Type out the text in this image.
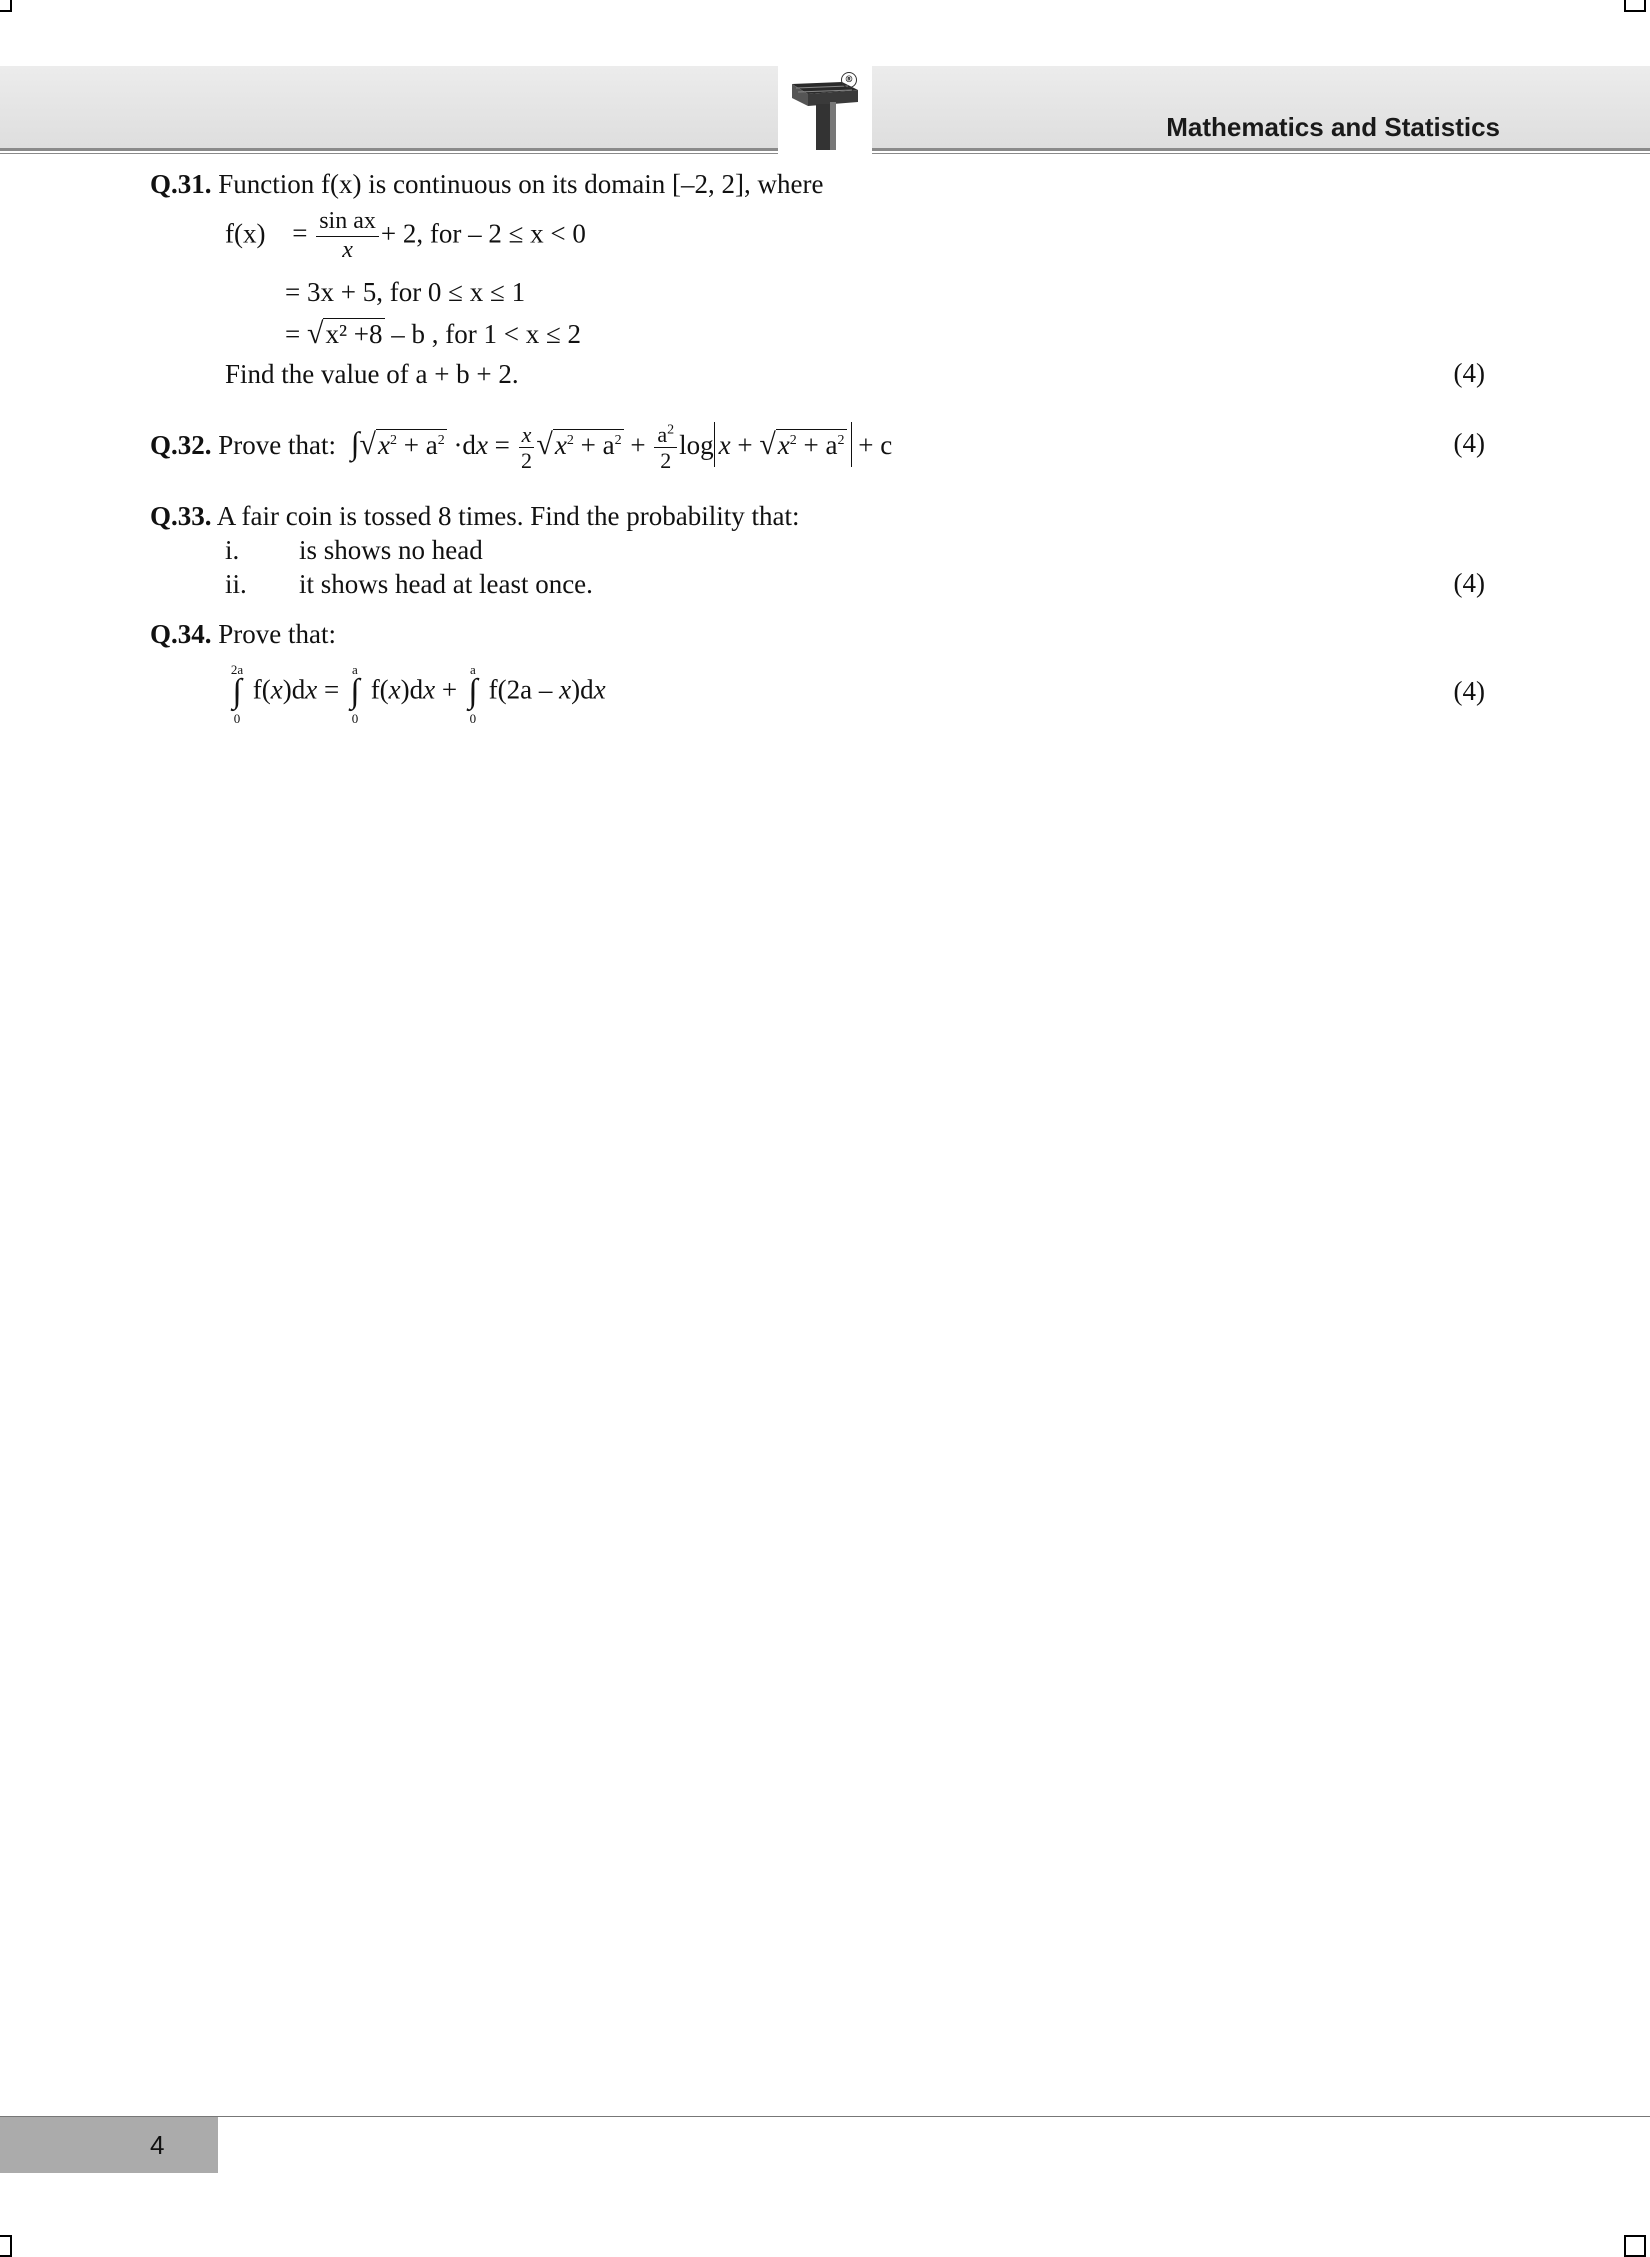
®
Mathematics and Statistics
Q.31. Function f(x) is continuous on its domain [–2, 2], where
$f(x) = \frac{\text{sin ax}}{x} + 2$, for – 2 ≤ x < 0
= 3x + 5, for 0 ≤ x ≤ 1
= √x² +8 – b , for 1 < x ≤ 2
Find the value of a + b + 2.	(4)
Q.32. Prove that: $\int√x^2 + a^2 \cdot dx = \frac{x}{2} √x^2 + a^2 + \frac{a^2}{2}$ $\log x + √x^2 + a^2 + c$	(4)
Q.33. A fair coin is tossed 8 times. Find the probability that:
i. is shows no head
ii. it shows head at least once.	(4)
Q.34. Prove that:
∫
2a
0
f(x)dx = ∫
a
0
f(x)dx + ∫
a
0
f(2a – x)dx	(4)
4
